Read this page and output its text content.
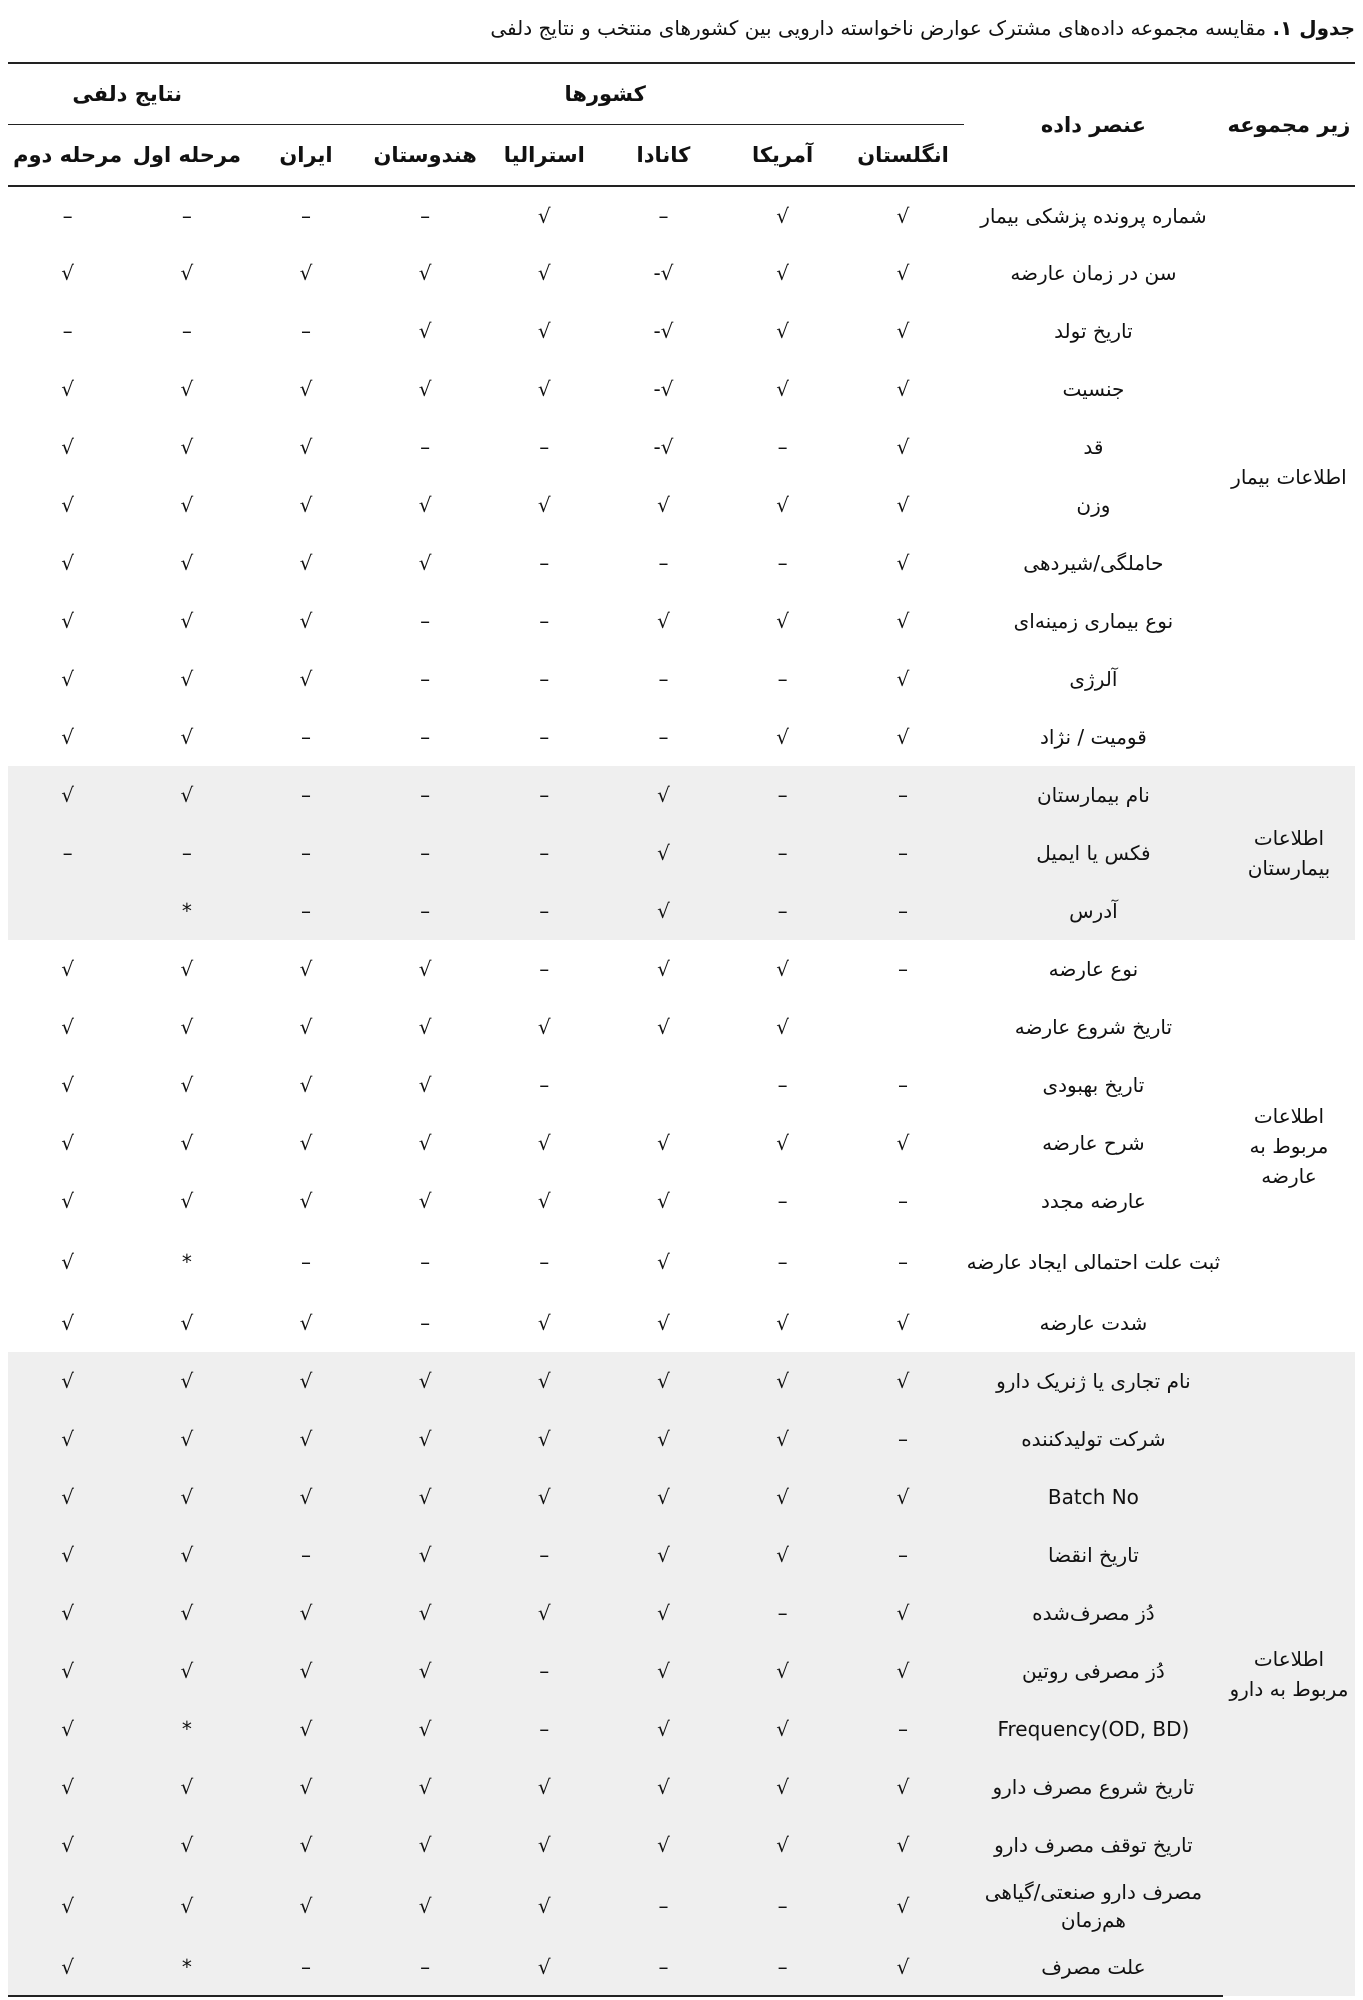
جدول ۱. مقایسه مجموعه داده‌های مشترک عوارض ناخواسته دارویی بین کشورهای منتخب و نتایج دلفی
زیر مجموعه	عنصر داده	کشورها						نتایج دلفی	
		انگلستان	آمریکا	کانادا	استرالیا	هندوستان	ایران	مرحله اول	مرحله دوم
اطلاعات بیمار	شماره پرونده پزشکی بیمار	√	√	–	√	–	–	–	–
	سن در زمان عارضه	√	√	√-	√	√	√	√	√
	تاریخ تولد	√	√	√-	√	√	–	–	–
	جنسیت	√	√	√-	√	√	√	√	√
	قد	√	–	√-	–	–	√	√	√
	وزن	√	√	√	√	√	√	√	√
	حاملگی/شیردهی	√	–	–	–	√	√	√	√
	نوع بیماری زمینه‌ای	√	√	√	–	–	√	√	√
	آلرژی	√	–	–	–	–	√	√	√
	قومیت / نژاد	√	√	–	–	–	–	√	√
اطلاعات بیمارستان	نام بیمارستان	–	–	√	–	–	–	√	√
	فکس یا ایمیل	–	–	√	–	–	–	–	–
	آدرس	–	–	√	–	–	–	*	
اطلاعات مربوط به عارضه	نوع عارضه	–	√	√	–	√	√	√	√
	تاریخ شروع عارضه		√	√	√	√	√	√	√
	تاریخ بهبودی	–	–		–	√	√	√	√
	شرح عارضه	√	√	√	√	√	√	√	√
	عارضه مجدد	–	–	√	√	√	√	√	√
	ثبت علت احتمالی ایجاد عارضه	–	–	√	–	–	–	*	√
	شدت عارضه	√	√	√	√	–	√	√	√
اطلاعات مربوط به دارو	نام تجاری یا ژنریک دارو	√	√	√	√	√	√	√	√
	شرکت تولیدکننده	–	√	√	√	√	√	√	√
	Batch No	√	√	√	√	√	√	√	√
	تاریخ انقضا	–	√	√	–	√	–	√	√
	دُز مصرف‌شده	√	–	√	√	√	√	√	√
	دُز مصرفی روتین	√	√	√	–	√	√	√	√
	Frequency(OD, BD)	–	√	√	–	√	√	*	√
	تاریخ شروع مصرف دارو	√	√	√	√	√	√	√	√
	تاریخ توقف مصرف دارو	√	√	√	√	√	√	√	√
	مصرف دارو صنعتی/گیاهی هم‌زمان	√	–	–	√	√	√	√	√
	علت مصرف	√	–	–	√	–	–	*	√
